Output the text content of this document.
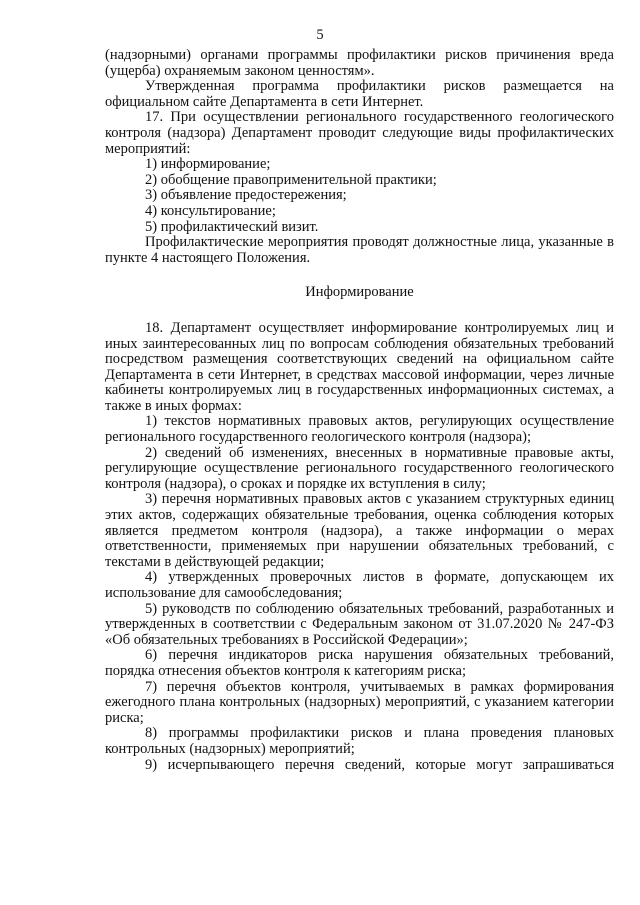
5

(надзорными) органами программы профилактики рисков причинения вреда (ущерба) охраняемым законом ценностям».

Утвержденная программа профилактики рисков размещается на официальном сайте Департамента в сети Интернет.

17. При осуществлении регионального государственного геологического контроля (надзора) Департамент проводит следующие виды профилактических мероприятий:

1) информирование;

2) обобщение правоприменительной практики;

3) объявление предостережения;

4) консультирование;

5) профилактический визит.

Профилактические мероприятия проводят должностные лица, указанные в пункте 4 настоящего Положения.

Информирование

18. Департамент осуществляет информирование контролируемых лиц и иных заинтересованных лиц по вопросам соблюдения обязательных требований посредством размещения соответствующих сведений на официальном сайте Департамента в сети Интернет, в средствах массовой информации, через личные кабинеты контролируемых лиц в государственных информационных системах, а также в иных формах:

1) текстов нормативных правовых актов, регулирующих осуществление регионального государственного геологического контроля (надзора);

2) сведений об изменениях, внесенных в нормативные правовые акты, регулирующие осуществление регионального государственного геологического контроля (надзора), о сроках и порядке их вступления в силу;

3) перечня нормативных правовых актов с указанием структурных единиц этих актов, содержащих обязательные требования, оценка соблюдения которых является предметом контроля (надзора), а также информации о мерах ответственности, применяемых при нарушении обязательных требований, с текстами в действующей редакции;

4) утвержденных проверочных листов в формате, допускающем их использование для самообследования;

5) руководств по соблюдению обязательных требований, разработанных и утвержденных в соответствии с Федеральным законом от 31.07.2020 № 247-ФЗ «Об обязательных требованиях в Российской Федерации»;

6) перечня индикаторов риска нарушения обязательных требований, порядка отнесения объектов контроля к категориям риска;

7) перечня объектов контроля, учитываемых в рамках формирования ежегодного плана контрольных (надзорных) мероприятий, с указанием категории риска;

8) программы профилактики рисков и плана проведения плановых контрольных (надзорных) мероприятий;

9) исчерпывающего перечня сведений, которые могут запрашиваться
